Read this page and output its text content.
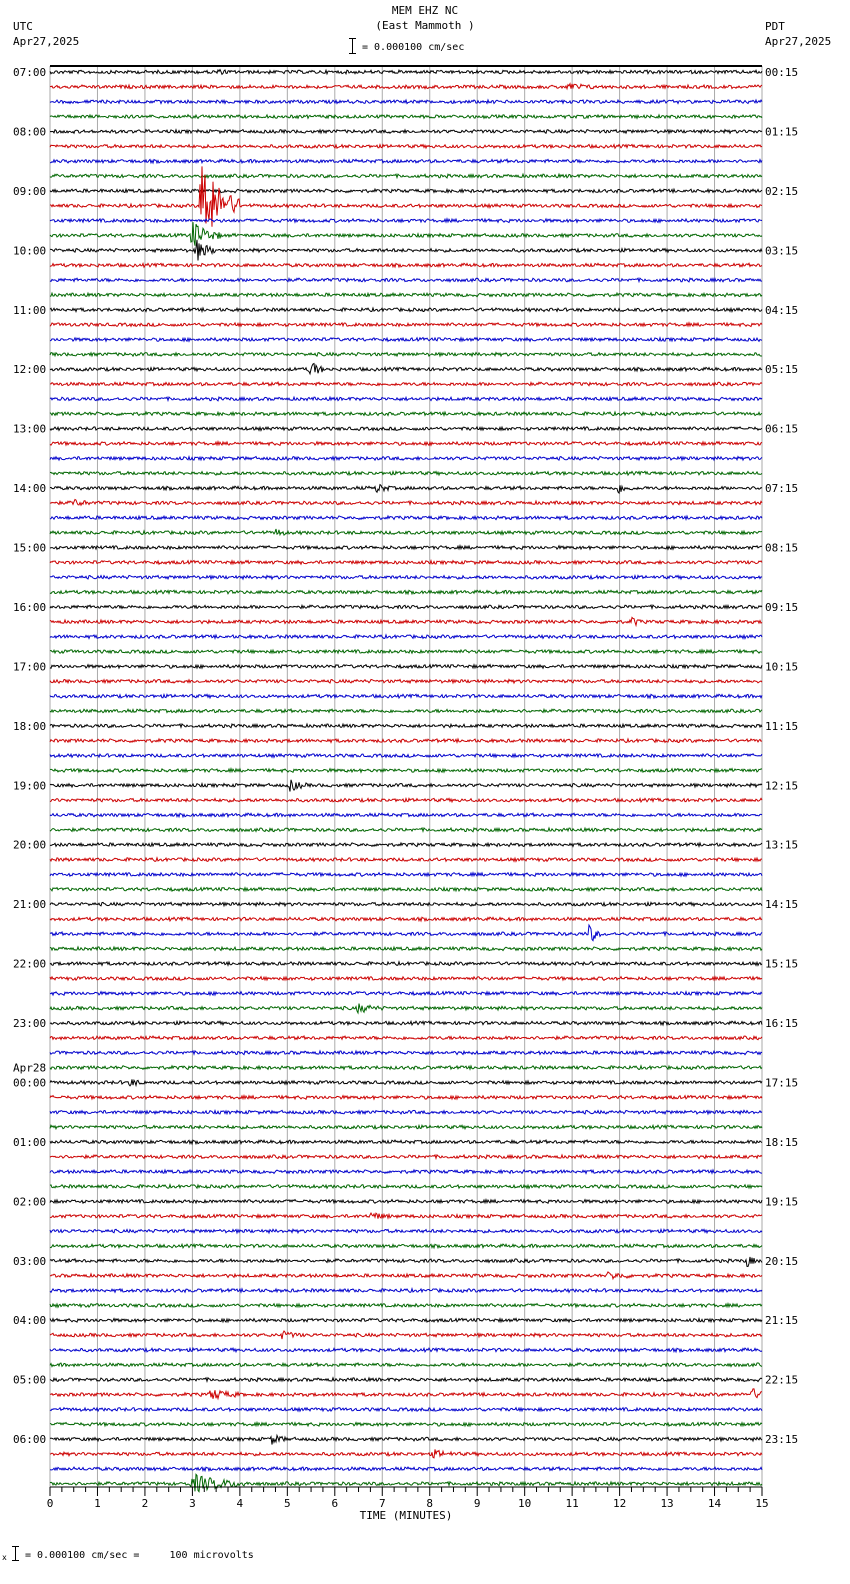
MEM EHZ NC
(East Mammoth )
= 0.000100 cm/sec
UTC
Apr27,2025
PDT
Apr27,2025
07:00	00:15
08:00	01:15
09:00	02:15
10:00	03:15
11:00	04:15
12:00	05:15
13:00	06:15
14:00	07:15
15:00	08:15
16:00	09:15
17:00	10:15
18:00	11:15
19:00	12:15
20:00	13:15
21:00	14:15
22:00	15:15
23:00	16:15
00:00	17:15
Apr28
01:00	18:15
02:00	19:15
03:00	20:15
04:00	21:15
05:00	22:15
06:00	23:15
0	1	2	3	4	5	6	7	8	9	10	11	12	13	14	15
TIME (MINUTES)
x = 0.000100 cm/sec =     100 microvolts
